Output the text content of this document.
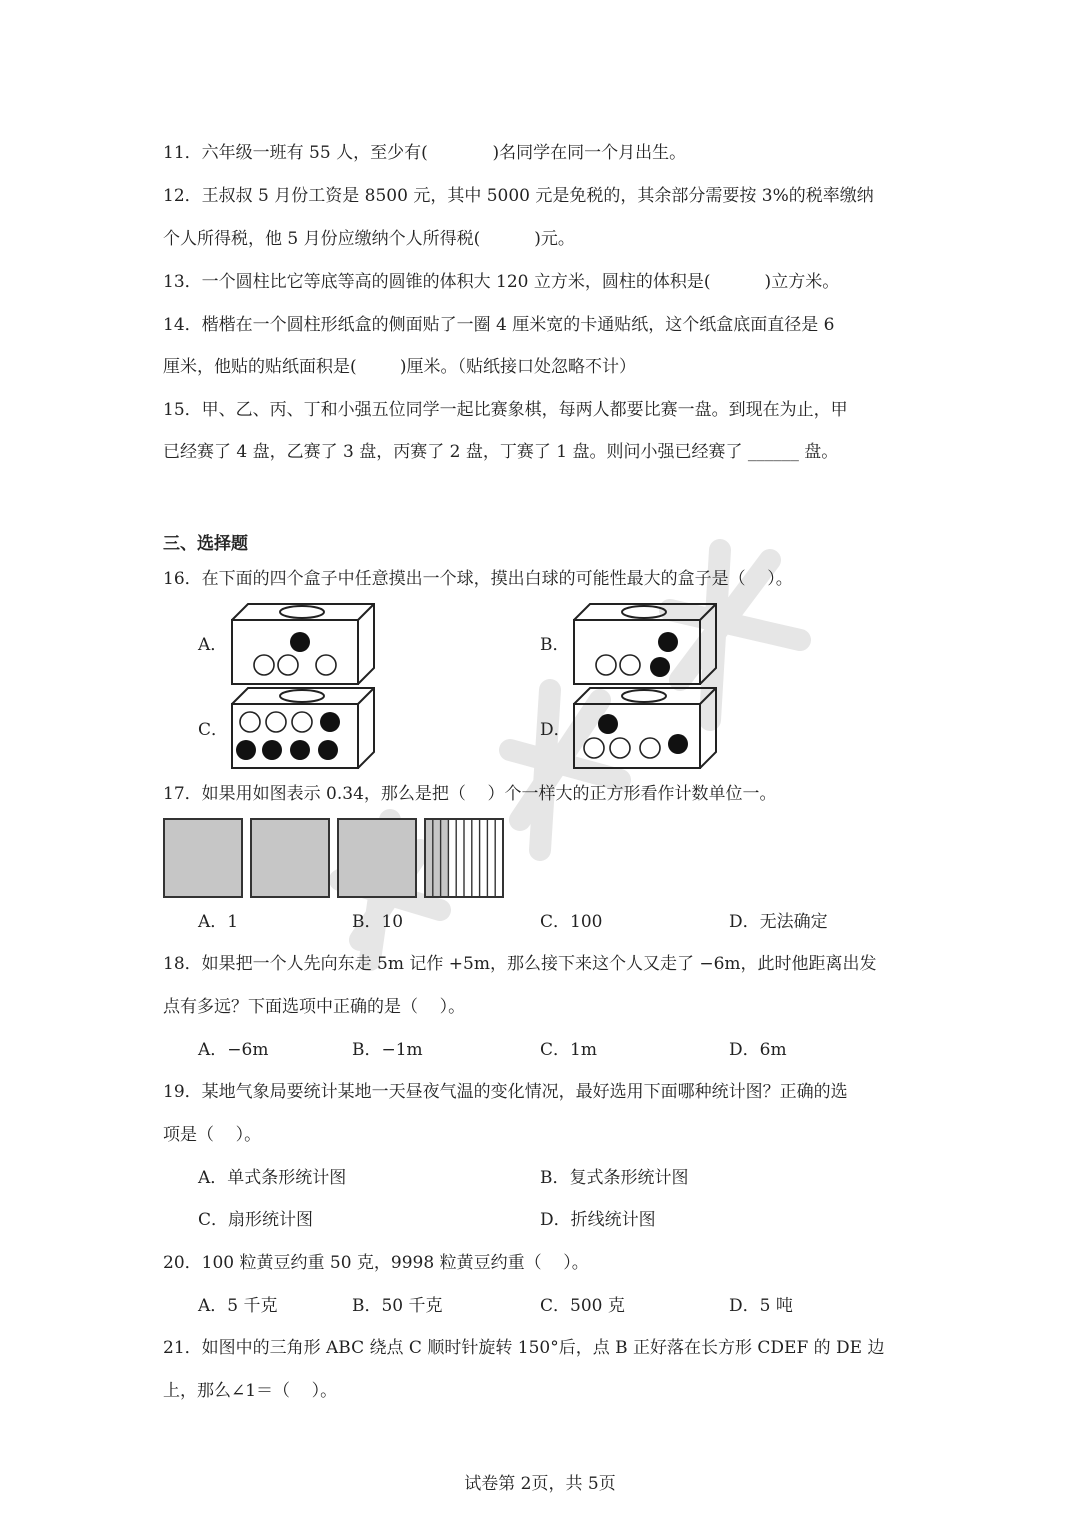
11．六年级一班有 55 人，至少有(            )名同学在同一个月出生。
12．王叔叔 5 月份工资是 8500 元，其中 5000 元是免税的，其余部分需要按 3%的税率缴纳
个人所得税，他 5 月份应缴纳个人所得税(          )元。
13．一个圆柱比它等底等高的圆锥的体积大 120 立方米，圆柱的体积是(          )立方米。
14．楷楷在一个圆柱形纸盒的侧面贴了一圈 4 厘米宽的卡通贴纸，这个纸盒底面直径是 6
厘米，他贴的贴纸面积是(        )厘米。（贴纸接口处忽略不计）
15．甲、乙、丙、丁和小强五位同学一起比赛象棋，每两人都要比赛一盘。到现在为止，甲
已经赛了 4 盘，乙赛了 3 盘，丙赛了 2 盘，丁赛了 1 盘。则问小强已经赛了 ______ 盘。
三、选择题
16．在下面的四个盒子中任意摸出一个球，摸出白球的可能性最大的盒子是（    ）。
A．	B．
C．	D．
17．如果用如图表示 0.34，那么是把（    ）个一样大的正方形看作计数单位一。
A．1	B．10	C．100	D．无法确定
18．如果把一个人先向东走 5m 记作 +5m，那么接下来这个人又走了 −6m，此时他距离出发
点有多远？下面选项中正确的是（    ）。
A．−6m	B．−1m	C．1m	D．6m
19．某地气象局要统计某地一天昼夜气温的变化情况，最好选用下面哪种统计图？正确的选
项是（    ）。
A．单式条形统计图	B．复式条形统计图
C．扇形统计图	D．折线统计图
20．100 粒黄豆约重 50 克，9998 粒黄豆约重（    ）。
A．5 千克	B．50 千克	C．500 克	D．5 吨
21．如图中的三角形 ABC 绕点 C 顺时针旋转 150°后，点 B 正好落在长方形 CDEF 的 DE 边
上，那么∠1＝（    ）。
试卷第 2页，共 5页
